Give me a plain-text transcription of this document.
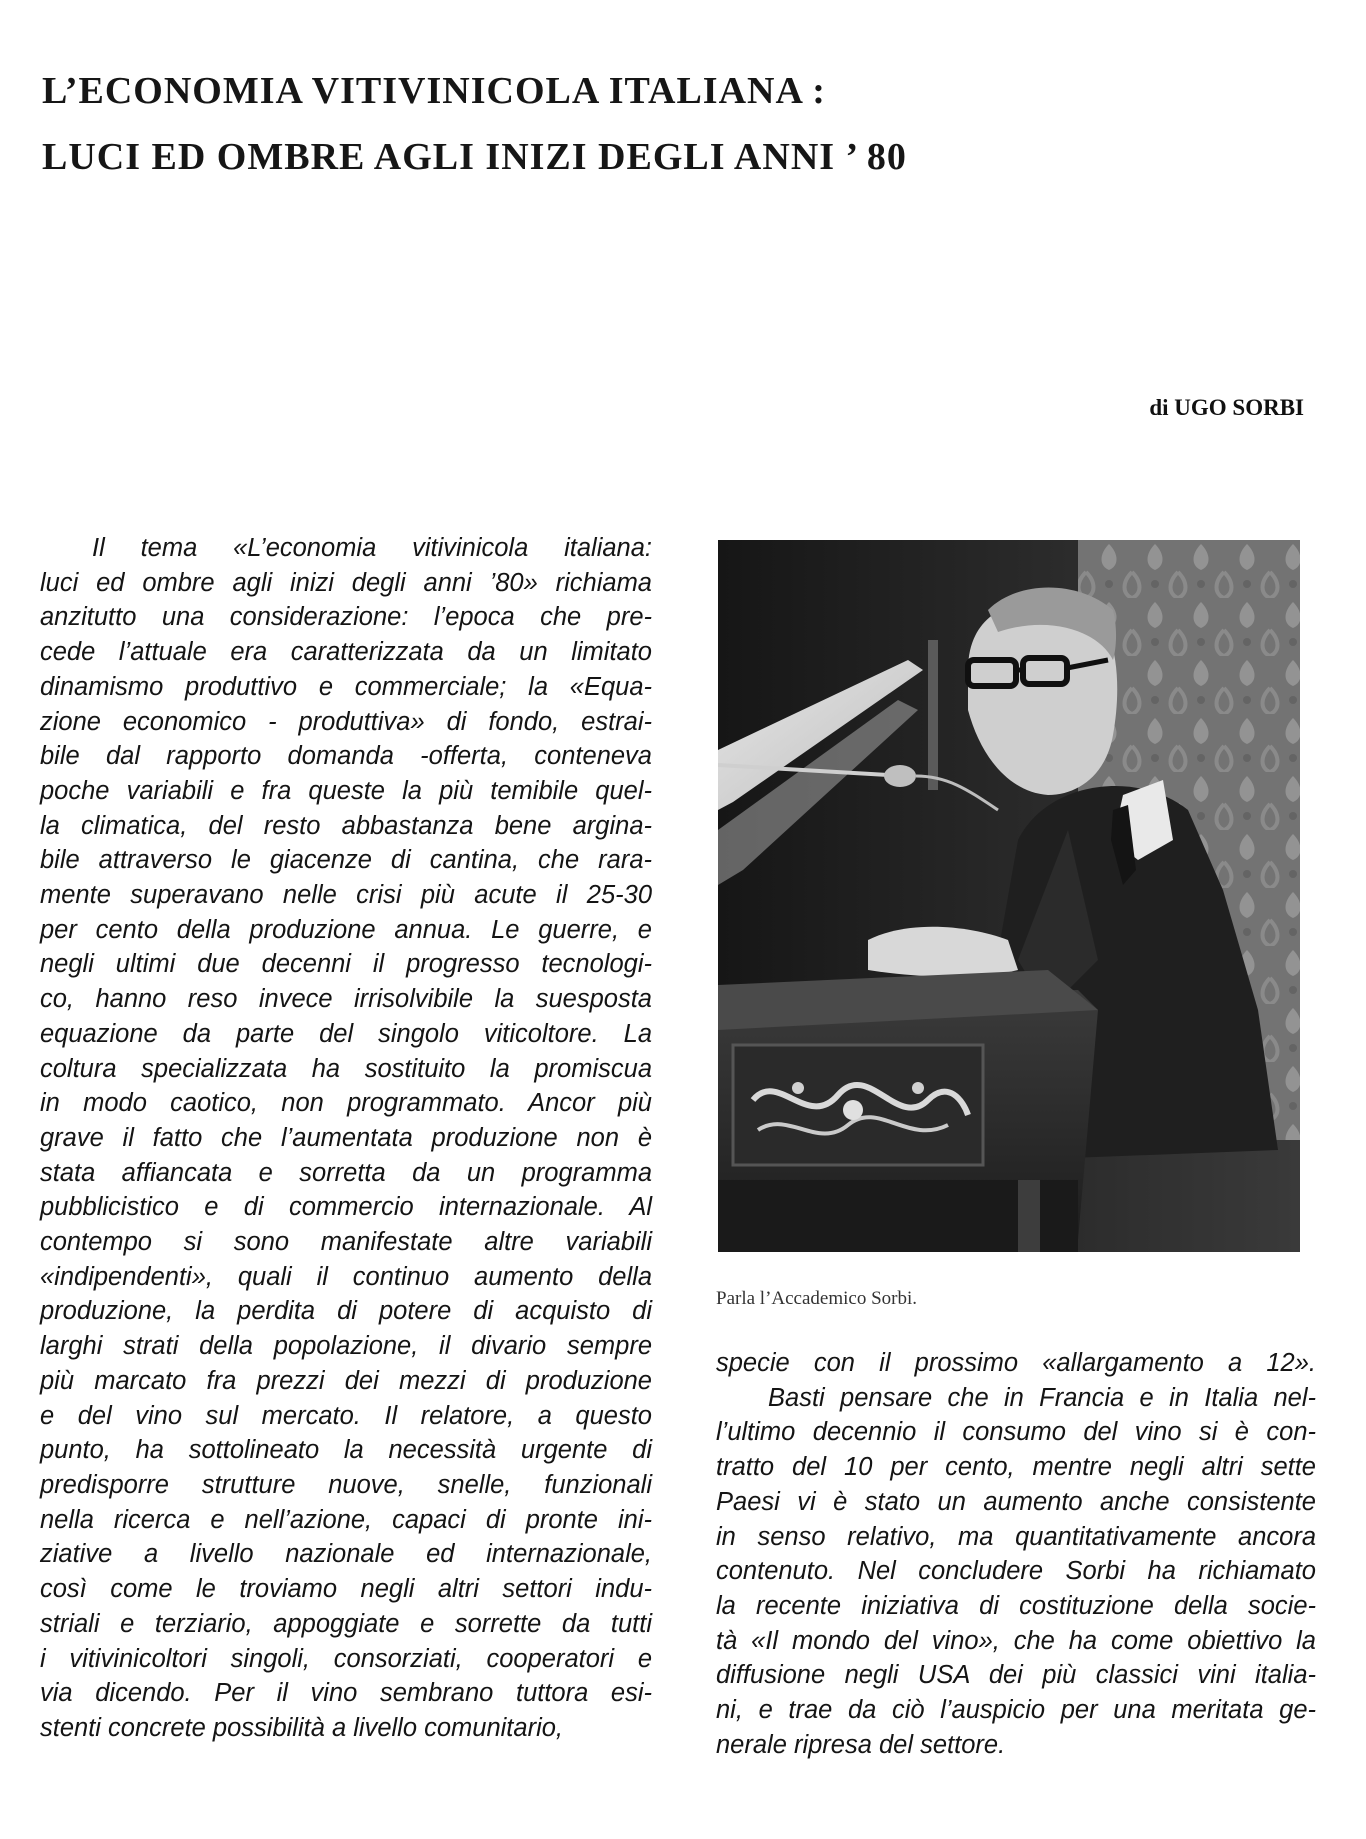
L’ECONOMIA VITIVINICOLA ITALIANA :
LUCI ED OMBRE AGLI INIZI DEGLI ANNI ’ 80
di UGO SORBI
Il tema «L’economia vitivinicola italiana:
luci ed ombre agli inizi degli anni ’80» richiama
anzitutto una considerazione: l’epoca che pre-
cede l’attuale era caratterizzata da un limitato
dinamismo produttivo e commerciale; la «Equa-
zione economico - produttiva» di fondo, estrai-
bile dal rapporto domanda -offerta, conteneva
poche variabili e fra queste la più temibile quel-
la climatica, del resto abbastanza bene argina-
bile attraverso le giacenze di cantina, che rara-
mente superavano nelle crisi più acute il 25-30
per cento della produzione annua. Le guerre, e
negli ultimi due decenni il progresso tecnologi-
co, hanno reso invece irrisolvibile la suesposta
equazione da parte del singolo viticoltore. La
coltura specializzata ha sostituito la promiscua
in modo caotico, non programmato. Ancor più
grave il fatto che l’aumentata produzione non è
stata affiancata e sorretta da un programma
pubblicistico e di commercio internazionale. Al
contempo si sono manifestate altre variabili
«indipendenti», quali il continuo aumento della
produzione, la perdita di potere di acquisto di
larghi strati della popolazione, il divario sempre
più marcato fra prezzi dei mezzi di produzione
e del vino sul mercato. Il relatore, a questo
punto, ha sottolineato la necessità urgente di
predisporre strutture nuove, snelle, funzionali
nella ricerca e nell’azione, capaci di pronte ini-
ziative a livello nazionale ed internazionale,
così come le troviamo negli altri settori indu-
striali e terziario, appoggiate e sorrette da tutti
i vitivinicoltori singoli, consorziati, cooperatori e
via dicendo. Per il vino sembrano tuttora esi-
stenti concrete possibilità a livello comunitario,
Parla l’Accademico Sorbi.
specie con il prossimo «allargamento a 12».
Basti pensare che in Francia e in Italia nel-
l’ultimo decennio il consumo del vino si è con-
tratto del 10 per cento, mentre negli altri sette
Paesi vi è stato un aumento anche consistente
in senso relativo, ma quantitativamente ancora
contenuto. Nel concludere Sorbi ha richiamato
la recente iniziativa di costituzione della socie-
tà «Il mondo del vino», che ha come obiettivo la
diffusione negli USA dei più classici vini italia-
ni, e trae da ciò l’auspicio per una meritata ge-
nerale ripresa del settore.
